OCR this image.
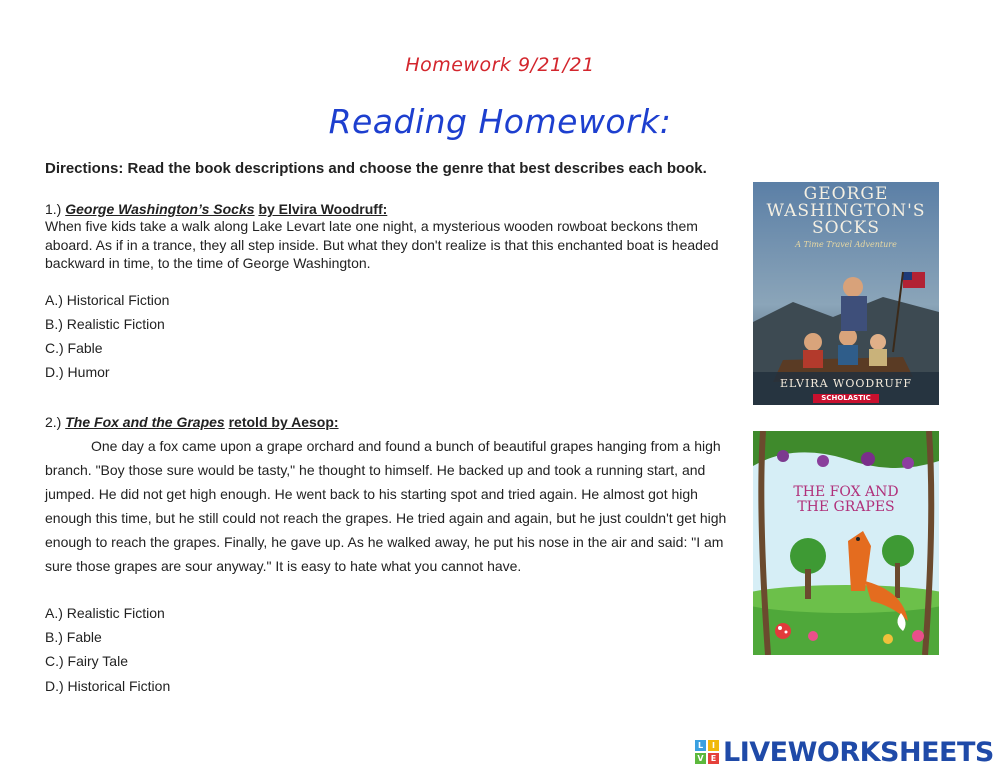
Homework 9/21/21
Reading Homework:
Directions: Read the book descriptions and choose the genre that best describes each book.
1.) George Washington’s Socks by Elvira Woodruff:
When five kids take a walk along Lake Levart late one night, a mysterious wooden rowboat beckons them aboard. As if in a trance, they all step inside. But what they don't realize is that this enchanted boat is headed backward in time, to the time of George Washington.
A.) Historical Fiction
B.) Realistic Fiction
C.) Fable
D.) Humor
GEORGE
WASHINGTON'S
SOCKS
A Time Travel Adventure
ELVIRA WOODRUFF
SCHOLASTIC
2.) The Fox and the Grapes retold by Aesop:
One day a fox came upon a grape orchard and found a bunch of beautiful grapes hanging from a high branch. "Boy those sure would be tasty," he thought to himself. He backed up and took a running start, and jumped. He did not get high enough. He went back to his starting spot and tried again. He almost got high enough this time, but he still could not reach the grapes. He tried again and again, but he just couldn't get high enough to reach the grapes. Finally, he gave up. As he walked away, he put his nose in the air and said: "I am sure those grapes are sour anyway." It is easy to hate what you cannot have.
A.) Realistic Fiction
B.) Fable
C.) Fairy Tale
D.) Historical Fiction
THE FOX AND
THE GRAPES
L	I
V E LIVEWORKSHEETS
